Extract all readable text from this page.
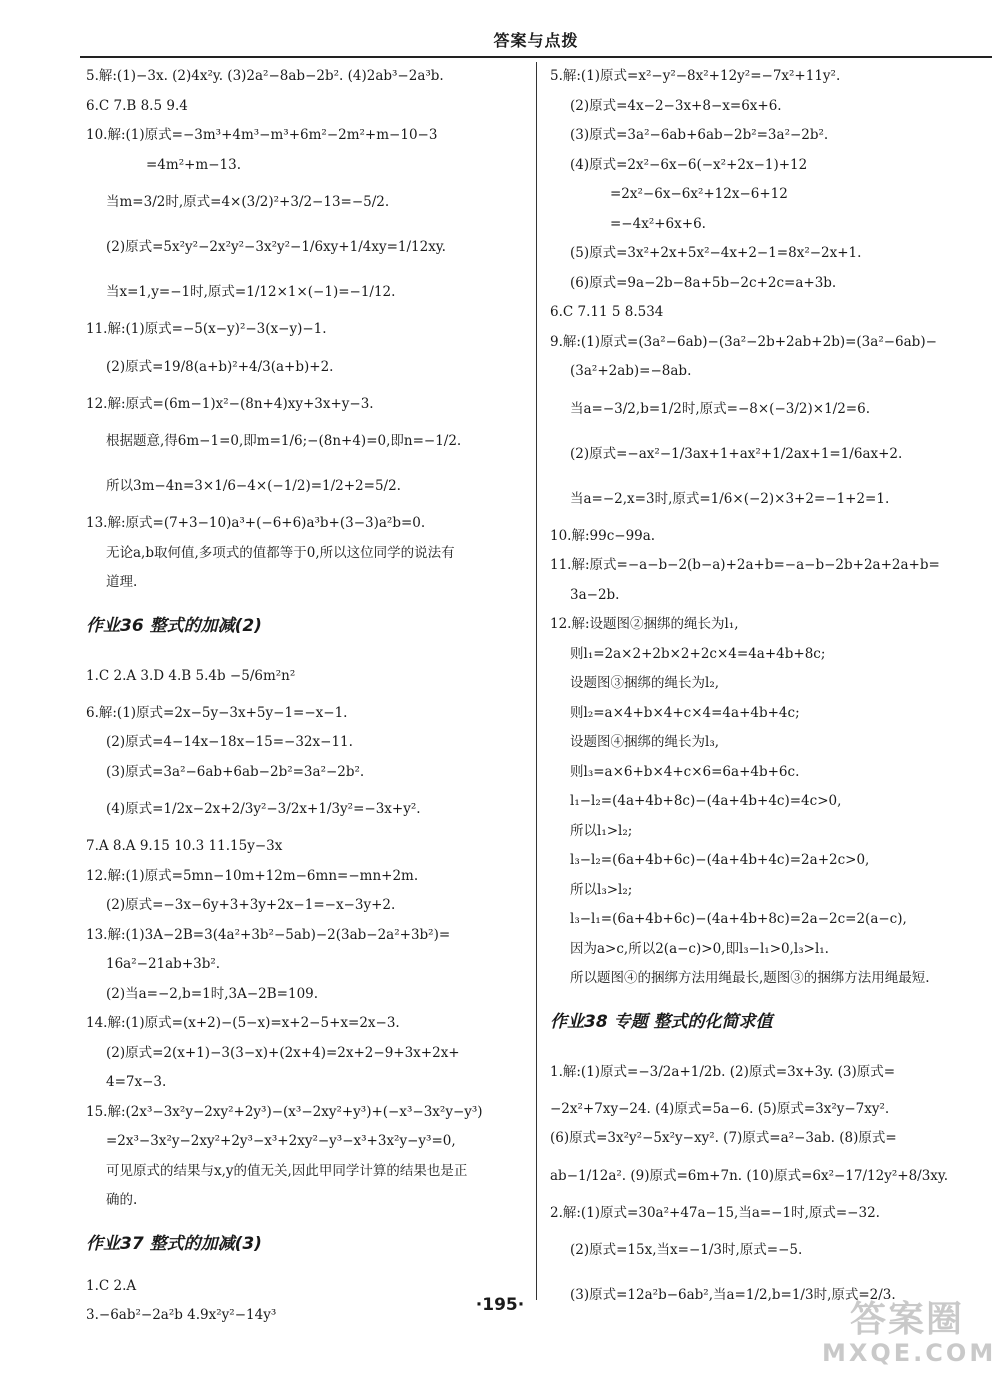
答案与点拨
5.解:(1)−3x. (2)4x²y. (3)2a²−8ab−2b². (4)2ab³−2a³b.
6.C 7.B 8.5 9.4
10.解:(1)原式=−3m³+4m³−m³+6m²−2m²+m−10−3
=4m²+m−13.
当m=3/2时,原式=4×(3/2)²+3/2−13=−5/2.
(2)原式=5x²y²−2x²y²−3x²y²−1/6xy+1/4xy=1/12xy.
当x=1,y=−1时,原式=1/12×1×(−1)=−1/12.
11.解:(1)原式=−5(x−y)²−3(x−y)−1.
(2)原式=19/8(a+b)²+4/3(a+b)+2.
12.解:原式=(6m−1)x²−(8n+4)xy+3x+y−3.
根据题意,得6m−1=0,即m=1/6;−(8n+4)=0,即n=−1/2.
所以3m−4n=3×1/6−4×(−1/2)=1/2+2=5/2.
13.解:原式=(7+3−10)a³+(−6+6)a³b+(3−3)a²b=0.
无论a,b取何值,多项式的值都等于0,所以这位同学的说法有
道理.
作业36 整式的加减(2)
1.C 2.A 3.D 4.B 5.4b −5/6m²n²
6.解:(1)原式=2x−5y−3x+5y−1=−x−1.
(2)原式=4−14x−18x−15=−32x−11.
(3)原式=3a²−6ab+6ab−2b²=3a²−2b².
(4)原式=1/2x−2x+2/3y²−3/2x+1/3y²=−3x+y².
7.A 8.A 9.15 10.3 11.15y−3x
12.解:(1)原式=5mn−10m+12m−6mn=−mn+2m.
(2)原式=−3x−6y+3+3y+2x−1=−x−3y+2.
13.解:(1)3A−2B=3(4a²+3b²−5ab)−2(3ab−2a²+3b²)=
16a²−21ab+3b².
(2)当a=−2,b=1时,3A−2B=109.
14.解:(1)原式=(x+2)−(5−x)=x+2−5+x=2x−3.
(2)原式=2(x+1)−3(3−x)+(2x+4)=2x+2−9+3x+2x+
4=7x−3.
15.解:(2x³−3x²y−2xy²+2y³)−(x³−2xy²+y³)+(−x³−3x²y−y³)
=2x³−3x²y−2xy²+2y³−x³+2xy²−y³−x³+3x²y−y³=0,
可见原式的结果与x,y的值无关,因此甲同学计算的结果也是正
确的.
作业37 整式的加减(3)
1.C 2.A
3.−6ab²−2a²b 4.9x²y²−14y³
5.解:(1)原式=x²−y²−8x²+12y²=−7x²+11y².
(2)原式=4x−2−3x+8−x=6x+6.
(3)原式=3a²−6ab+6ab−2b²=3a²−2b².
(4)原式=2x²−6x−6(−x²+2x−1)+12
=2x²−6x−6x²+12x−6+12
=−4x²+6x+6.
(5)原式=3x²+2x+5x²−4x+2−1=8x²−2x+1.
(6)原式=9a−2b−8a+5b−2c+2c=a+3b.
6.C 7.11 5 8.534
9.解:(1)原式=(3a²−6ab)−(3a²−2b+2ab+2b)=(3a²−6ab)−
(3a²+2ab)=−8ab.
当a=−3/2,b=1/2时,原式=−8×(−3/2)×1/2=6.
(2)原式=−ax²−1/3ax+1+ax²+1/2ax+1=1/6ax+2.
当a=−2,x=3时,原式=1/6×(−2)×3+2=−1+2=1.
10.解:99c−99a.
11.解:原式=−a−b−2(b−a)+2a+b=−a−b−2b+2a+2a+b=
3a−2b.
12.解:设题图②捆绑的绳长为l₁,
则l₁=2a×2+2b×2+2c×4=4a+4b+8c;
设题图③捆绑的绳长为l₂,
则l₂=a×4+b×4+c×4=4a+4b+4c;
设题图④捆绑的绳长为l₃,
则l₃=a×6+b×4+c×6=6a+4b+6c.
l₁−l₂=(4a+4b+8c)−(4a+4b+4c)=4c>0,
所以l₁>l₂;
l₃−l₂=(6a+4b+6c)−(4a+4b+4c)=2a+2c>0,
所以l₃>l₂;
l₃−l₁=(6a+4b+6c)−(4a+4b+8c)=2a−2c=2(a−c),
因为a>c,所以2(a−c)>0,即l₃−l₁>0,l₃>l₁.
所以题图④的捆绑方法用绳最长,题图③的捆绑方法用绳最短.
作业38 专题 整式的化简求值
1.解:(1)原式=−3/2a+1/2b. (2)原式=3x+3y. (3)原式=
−2x²+7xy−24. (4)原式=5a−6. (5)原式=3x²y−7xy².
(6)原式=3x²y²−5x²y−xy². (7)原式=a²−3ab. (8)原式=
ab−1/12a². (9)原式=6m+7n. (10)原式=6x²−17/12y²+8/3xy.
2.解:(1)原式=30a²+47a−15,当a=−1时,原式=−32.
(2)原式=15x,当x=−1/3时,原式=−5.
(3)原式=12a²b−6ab²,当a=1/2,b=1/3时,原式=2/3.
·195·	答案圈
MXQE.COM
